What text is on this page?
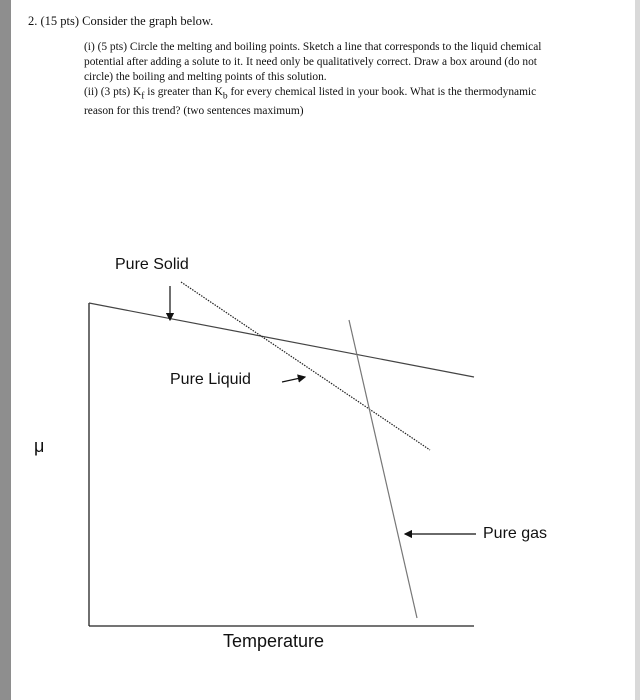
2. (15 pts) Consider the graph below.

(i) (5 pts) Circle the melting and boiling points. Sketch a line that corresponds to the liquid chemical potential after adding a solute to it. It need only be qualitatively correct. Draw a box around (do not circle) the boiling and melting points of this solution.

(ii) (3 pts) $K_f$ is greater than $K_b$ for every chemical listed in your book. What is the thermodynamic reason for this trend? (two sentences maximum)

Pure Solid
Pure Liquid
Pure gas
μ
Temperature
